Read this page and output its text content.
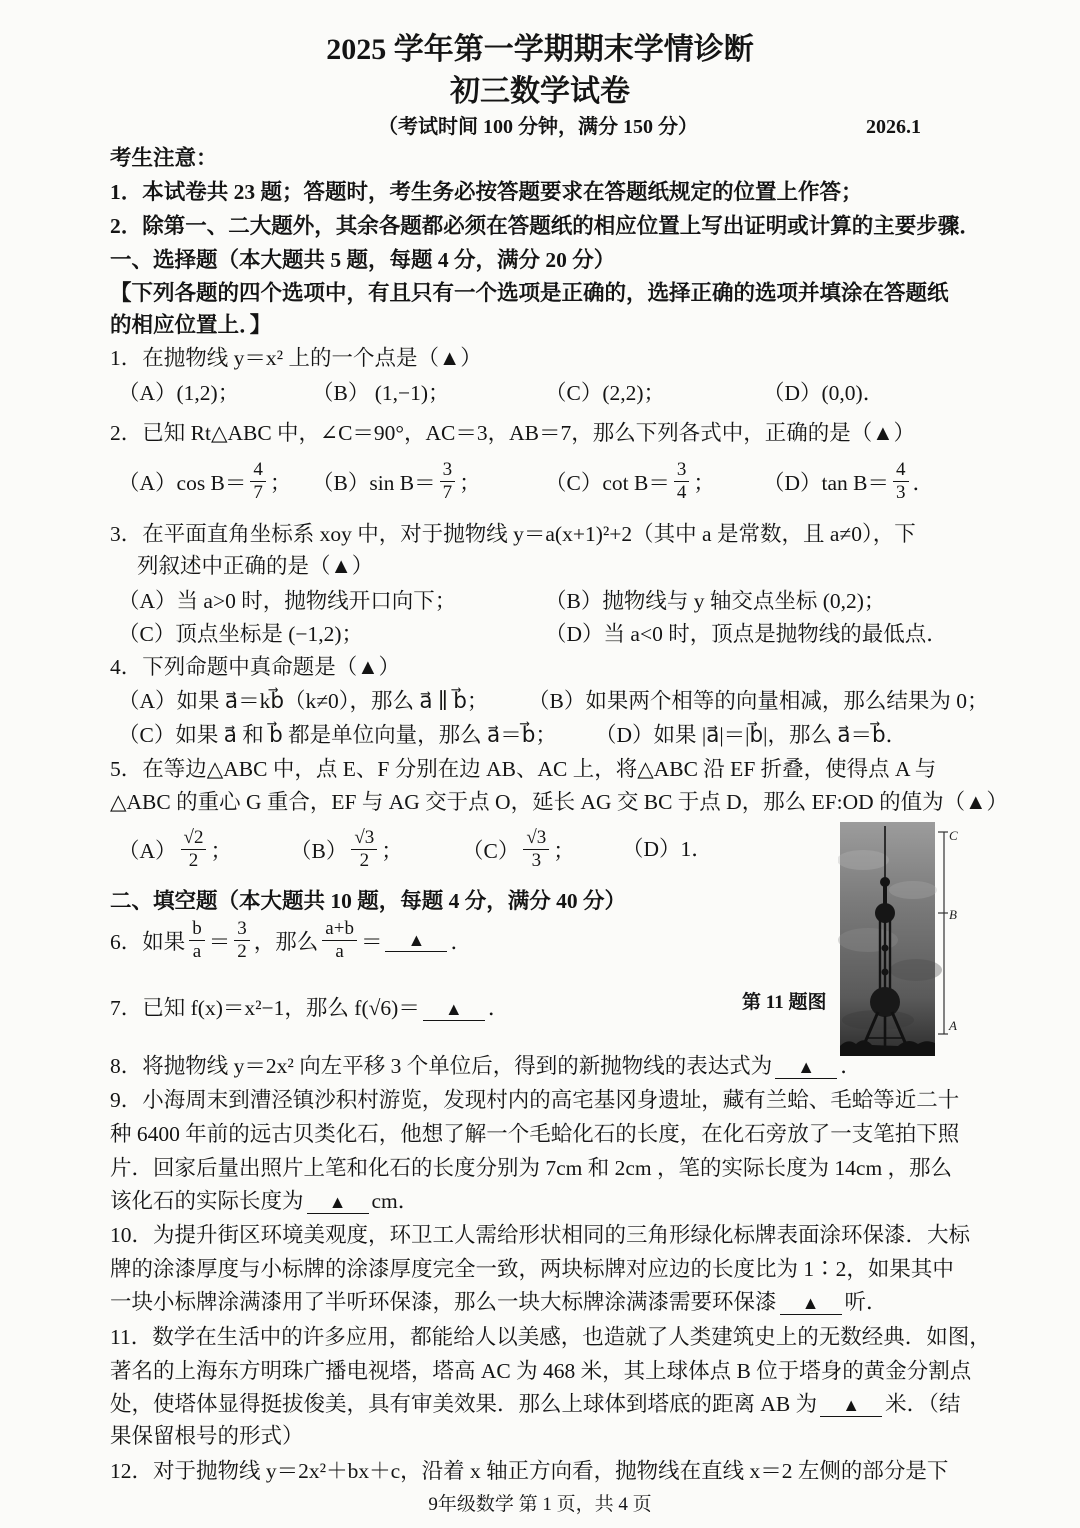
2025 学年第一学期期末学情诊断
初三数学试卷
（考试时间 100 分钟，满分 150 分）	2026.1
考生注意：
1．本试卷共 23 题；答题时，考生务必按答题要求在答题纸规定的位置上作答；
2．除第一、二大题外，其余各题都必须在答题纸的相应位置上写出证明或计算的主要步骤．
一、选择题（本大题共 5 题，每题 4 分，满分 20 分）
【下列各题的四个选项中，有且只有一个选项是正确的，选择正确的选项并填涂在答题纸
的相应位置上．】
1．在抛物线 y＝x² 上的一个点是（▲）
（A）(1,2)；	（B） (1,−1)；	（C）(2,2)；	（D）(0,0)．
2．已知 Rt△ABC 中，∠C＝90°，AC＝3，AB＝7，那么下列各式中，正确的是（▲）
（A）cos $B= \frac{4}{7}$ ； （B）sin $B= \frac{3}{7}$ ；	（C）cot $B= \frac{3}{4}$ ； （D）tan $B= \frac{4}{3}$ ．
3．在平面直角坐标系 xoy 中，对于抛物线 y＝a(x+1)²+2（其中 a 是常数，且 a≠0），下
列叙述中正确的是（▲）
（A）当 a>0 时，抛物线开口向下；	（B）抛物线与 y 轴交点坐标 (0,2)；
（C）顶点坐标是 (−1,2)；	（D）当 a<0 时，顶点是抛物线的最低点．
4．下列命题中真命题是（▲）
（A）如果 a⃗＝kb⃗（k≠0），那么 a⃗ ∥ b⃗； （B）如果两个相等的向量相减，那么结果为 0；
（C）如果 a⃗ 和 b⃗ 都是单位向量，那么 a⃗＝b⃗； （D）如果 |a⃗|＝|b⃗|，那么 a⃗＝b⃗．
5．在等边△ABC 中，点 E、F 分别在边 AB、AC 上，将△ABC 沿 EF 折叠，使得点 A 与
△ABC 的重心 G 重合，EF 与 AG 交于点 O，延长 AG 交 BC 于点 D，那么 EF:OD 的值为（▲）
$(A) \frac{√2}{2}$ ；	$(B) \frac{√3}{2}$ ；	$(C) \frac{√3}{3}$ ； （D）1．
C
B
A
第 11 题图
二、填空题（本大题共 10 题，每题 4 分，满分 40 分）
6．如果 $\frac{b}{a} = \frac{3}{2}$ ，那么 $\frac{a+b}{a}$ ＝	▲	．
7．已知 f(x)＝x²−1，那么 f(√6)＝ ▲ ．
8．将抛物线 y＝2x² 向左平移 3 个单位后，得到的新抛物线的表达式为 ▲ ．
9．小海周末到漕泾镇沙积村游览，发现村内的高宅基冈身遗址，藏有兰蛤、毛蛤等近二十
种 6400 年前的远古贝类化石，他想了解一个毛蛤化石的长度，在化石旁放了一支笔拍下照
片．回家后量出照片上笔和化石的长度分别为 7cm 和 2cm ，笔的实际长度为 14cm ，那么
该化石的实际长度为 ▲ cm．
10．为提升街区环境美观度，环卫工人需给形状相同的三角形绿化标牌表面涂环保漆．大标
牌的涂漆厚度与小标牌的涂漆厚度完全一致，两块标牌对应边的长度比为 1∶2，如果其中
一块小标牌涂满漆用了半听环保漆，那么一块大标牌涂满漆需要环保漆 ▲ 听．
11．数学在生活中的许多应用，都能给人以美感，也造就了人类建筑史上的无数经典．如图，
著名的上海东方明珠广播电视塔，塔高 AC 为 468 米，其上球体点 B 位于塔身的黄金分割点
处，使塔体显得挺拔俊美，具有审美效果．那么上球体到塔底的距离 AB 为 ▲ 米．（结
果保留根号的形式）
12．对于抛物线 y＝2x²＋bx＋c，沿着 x 轴正方向看，抛物线在直线 x＝2 左侧的部分是下
9年级数学 第 1 页，共 4 页
